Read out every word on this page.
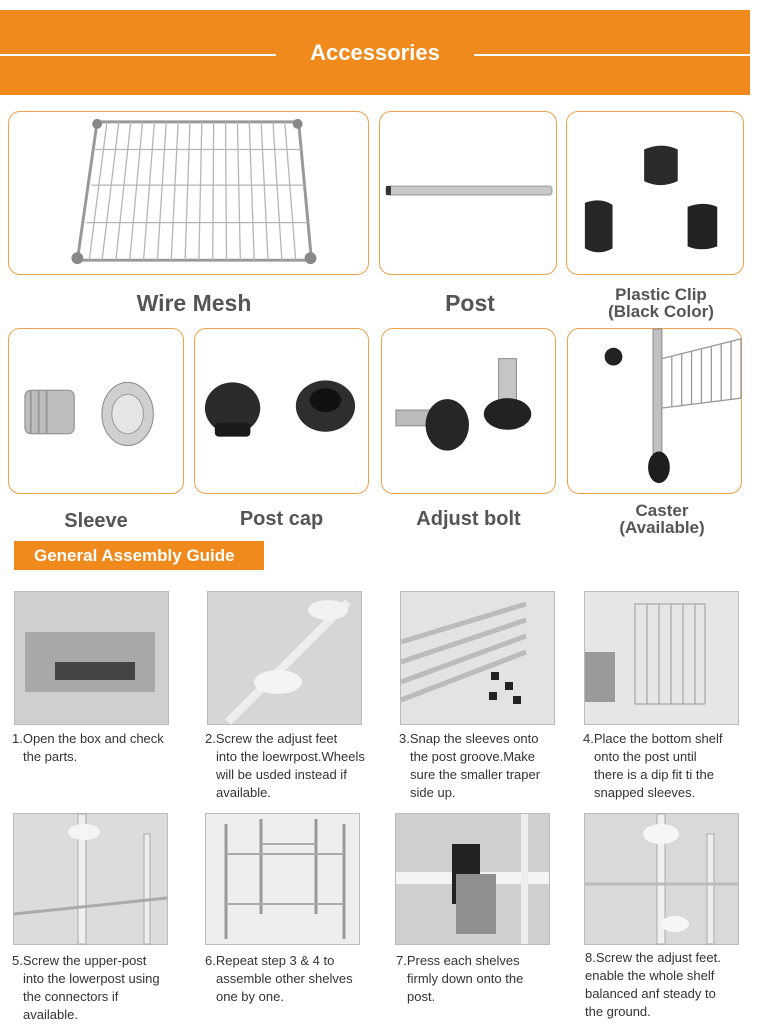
Accessories
Wire Mesh	Post	Plastic Clip
(Black Color)
Sleeve	Post cap	Adjust bolt	Caster
(Available)
General Assembly Guide
1.Open the box and check
the parts.
2.Screw the adjust feet
into the loewrpost.Wheels
will be usded instead if
available.
3.Snap the sleeves onto
the post groove.Make
sure the smaller traper
side up.
4.Place the bottom shelf
onto the post until
there is a dip fit ti the
snapped sleeves.
5.Screw the upper-post
into the lowerpost using
the connectors if
available.
6.Repeat step 3 & 4 to
assemble other shelves
one by one.
7.Press each shelves
firmly down onto the
post.
8.Screw the adjust feet.
enable the whole shelf
balanced anf steady to
the ground.
